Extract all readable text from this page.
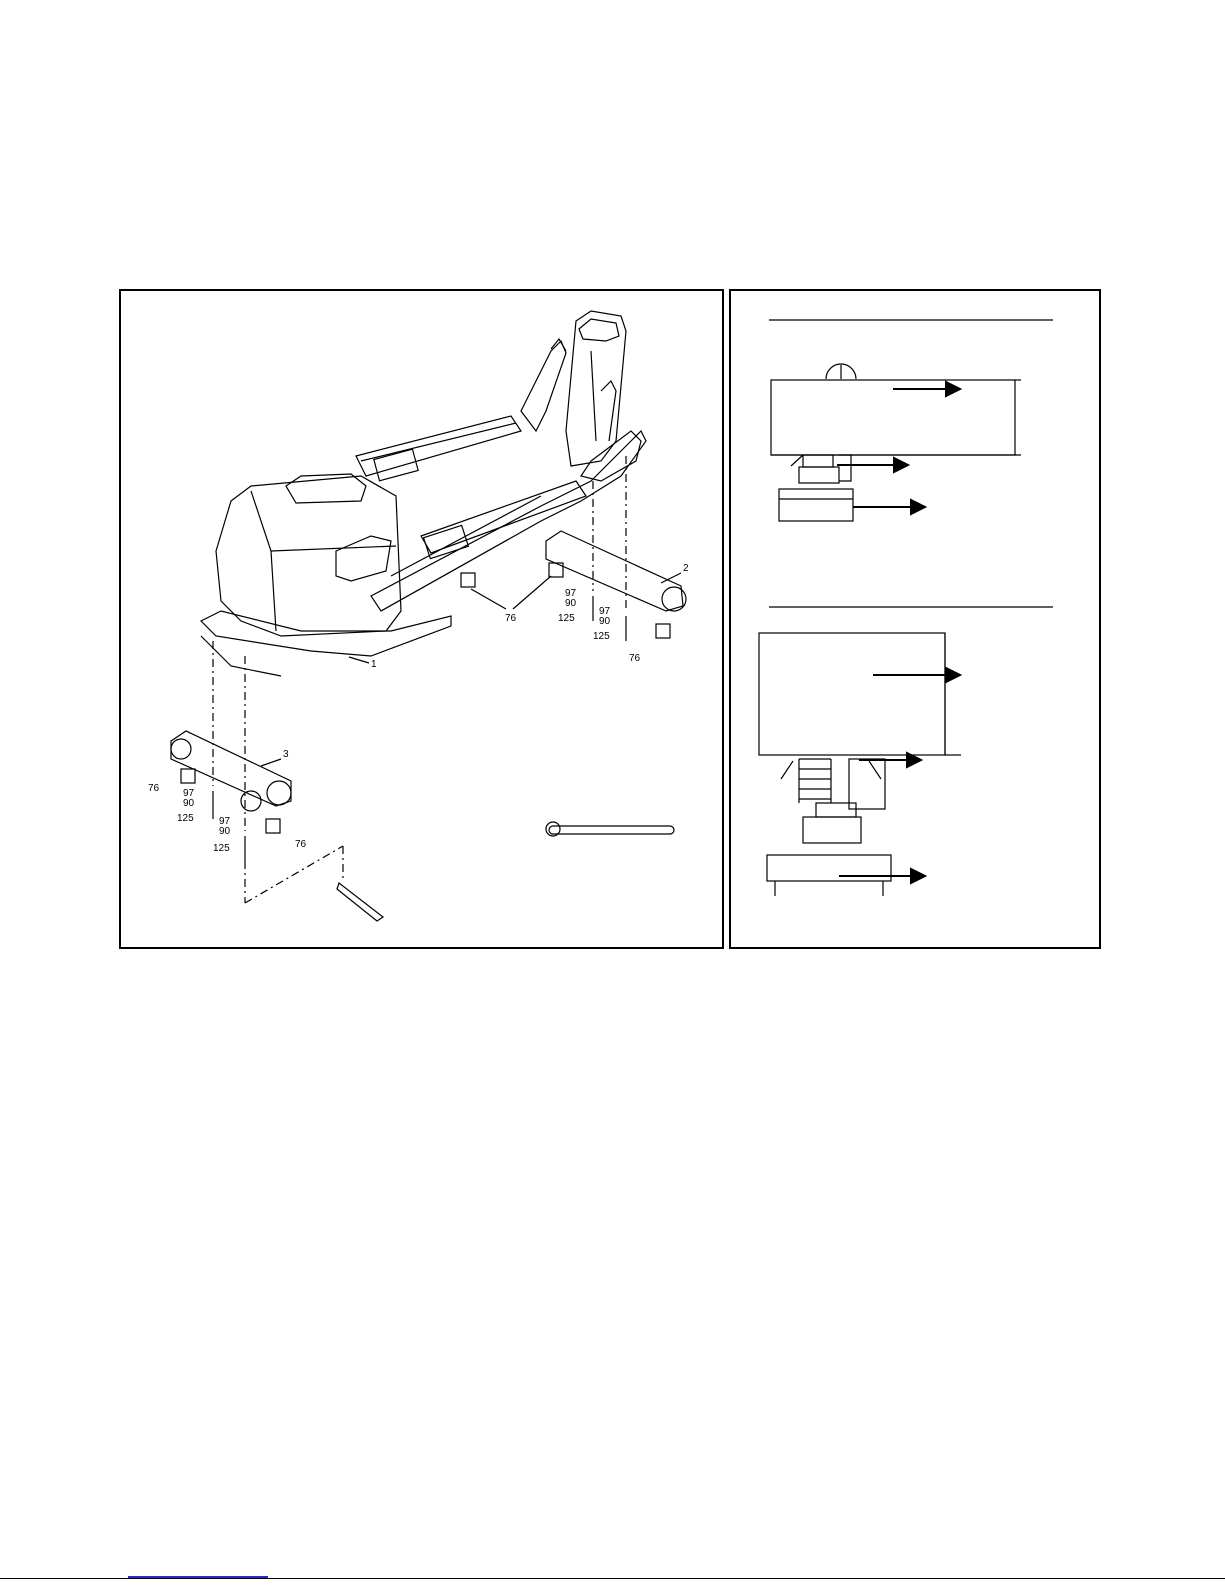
1
2
3
76
97
90
125
97
90
125
76
76 97
90
125	97
90
125	76
